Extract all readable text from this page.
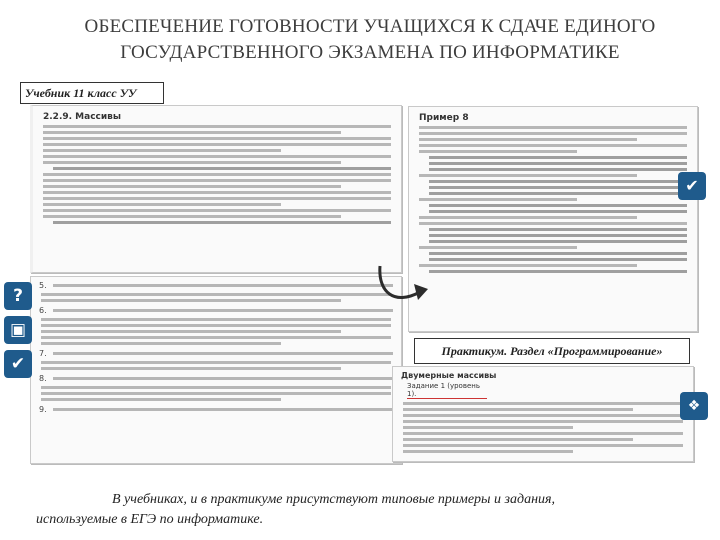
ОБЕСПЕЧЕНИЕ ГОТОВНОСТИ УЧАЩИХСЯ К СДАЧЕ ЕДИНОГО
ГОСУДАРСТВЕННОГО ЭКЗАМЕНА ПО ИНФОРМАТИКЕ
Учебник 11 класс УУ
2.2.9. Массивы
5.
6.
7.
8.
9.
Пример 8
Практикум. Раздел «Программирование»
Двумерные массивы
Задание 1 (уровень 1).
?
▣
✔
✔
❖
В учебниках, и в практикуме присутствуют типовые примеры и задания,
используемые в ЕГЭ по информатике.
